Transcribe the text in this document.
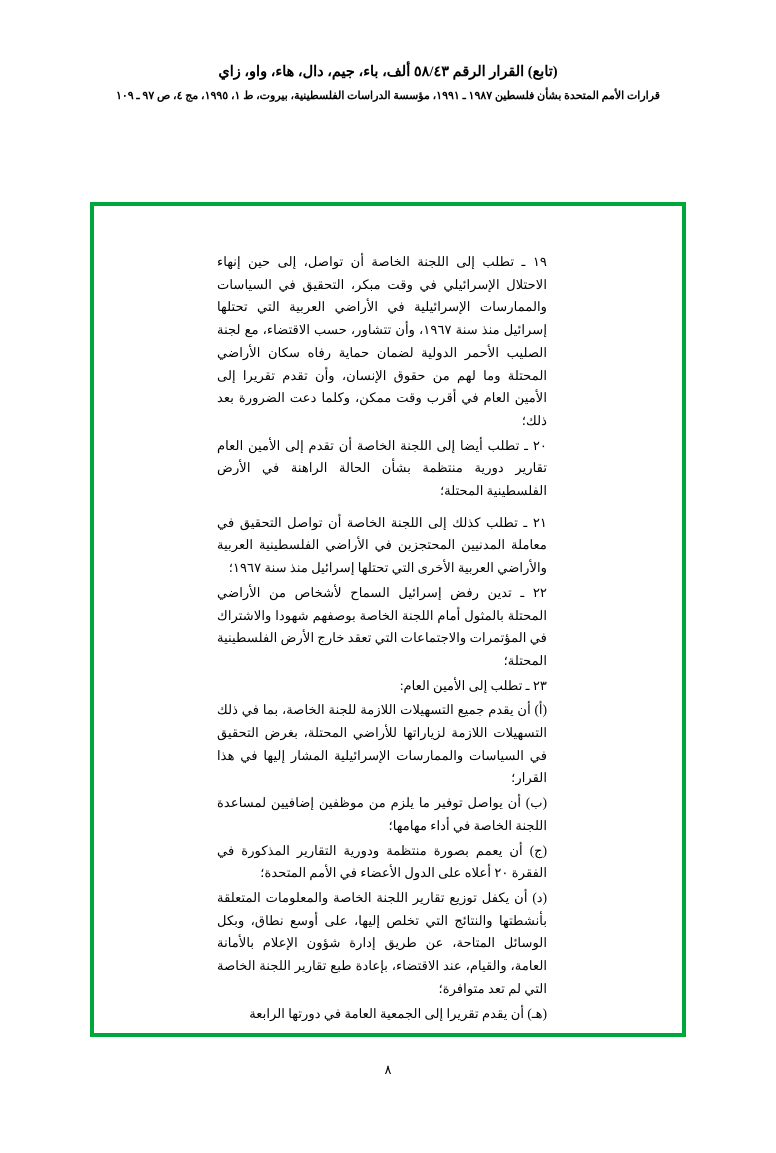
(تابع) القرار الرقم ٥٨/٤٣ ألف، باء، جيم، دال، هاء، واو، زاي
قرارات الأمم المتحدة بشأن فلسطين ١٩٨٧ ـ ١٩٩١، مؤسسة الدراسات الفلسطينية، بيروت، ط ١، ١٩٩٥، مج ٤، ص ٩٧ ـ ١٠٩

١٩ ـ تطلب إلى اللجنة الخاصة أن تواصل، إلى حين إنهاء الاحتلال الإسرائيلي في وقت مبكر، التحقيق في السياسات والممارسات الإسرائيلية في الأراضي العربية التي تحتلها إسرائيل منذ سنة ١٩٦٧، وأن تتشاور، حسب الاقتضاء، مع لجنة الصليب الأحمر الدولية لضمان حماية رفاه سكان الأراضي المحتلة وما لهم من حقوق الإنسان، وأن تقدم تقريرا إلى الأمين العام في أقرب وقت ممكن، وكلما دعت الضرورة بعد ذلك؛

٢٠ ـ تطلب أيضا إلى اللجنة الخاصة أن تقدم إلى الأمين العام تقارير دورية منتظمة بشأن الحالة الراهنة في الأرض الفلسطينية المحتلة؛

٢١ ـ تطلب كذلك إلى اللجنة الخاصة أن تواصل التحقيق في معاملة المدنيين المحتجزين في الأراضي الفلسطينية العربية والأراضي العربية الأخرى التي تحتلها إسرائيل منذ سنة ١٩٦٧؛

٢٢ ـ تدين رفض إسرائيل السماح لأشخاص من الأراضي المحتلة بالمثول أمام اللجنة الخاصة بوصفهم شهودا والاشتراك في المؤتمرات والاجتماعات التي تعقد خارج الأرض الفلسطينية المحتلة؛

٢٣ ـ تطلب إلى الأمين العام:

(أ) أن يقدم جميع التسهيلات اللازمة للجنة الخاصة، بما في ذلك التسهيلات اللازمة لزياراتها للأراضي المحتلة، بغرض التحقيق في السياسات والممارسات الإسرائيلية المشار إليها في هذا القرار؛

(ب) أن يواصل توفير ما يلزم من موظفين إضافيين لمساعدة اللجنة الخاصة في أداء مهامها؛

(ج) أن يعمم بصورة منتظمة ودورية التقارير المذكورة في الفقرة ٢٠ أعلاه على الدول الأعضاء في الأمم المتحدة؛

(د) أن يكفل توزيع تقارير اللجنة الخاصة والمعلومات المتعلقة بأنشطتها والنتائج التي تخلص إليها، على أوسع نطاق، وبكل الوسائل المتاحة، عن طريق إدارة شؤون الإعلام بالأمانة العامة، والقيام، عند الاقتضاء، بإعادة طبع تقارير اللجنة الخاصة التي لم تعد متوافرة؛

(هـ) أن يقدم تقريرا إلى الجمعية العامة في دورتها الرابعة

٨
